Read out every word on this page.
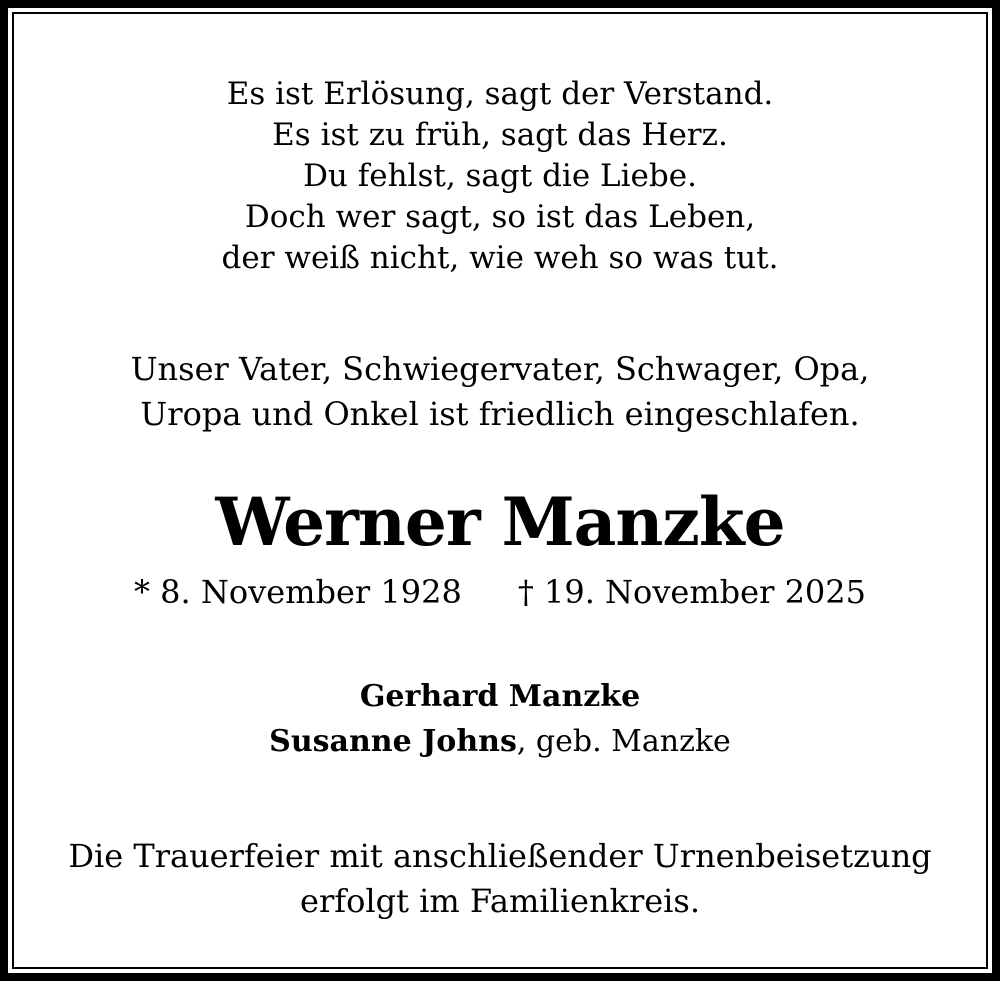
Es ist Erlösung, sagt der Verstand.
Es ist zu früh, sagt das Herz.
Du fehlst, sagt die Liebe.
Doch wer sagt, so ist das Leben,
der weiß nicht, wie weh so was tut.
Unser Vater, Schwiegervater, Schwager, Opa,
Uropa und Onkel ist friedlich eingeschlafen.
Werner Manzke
* 8. November 1928 † 19. November 2025
Gerhard Manzke
Susanne Johns, geb. Manzke
Die Trauerfeier mit anschließender Urnenbeisetzung
erfolgt im Familienkreis.
